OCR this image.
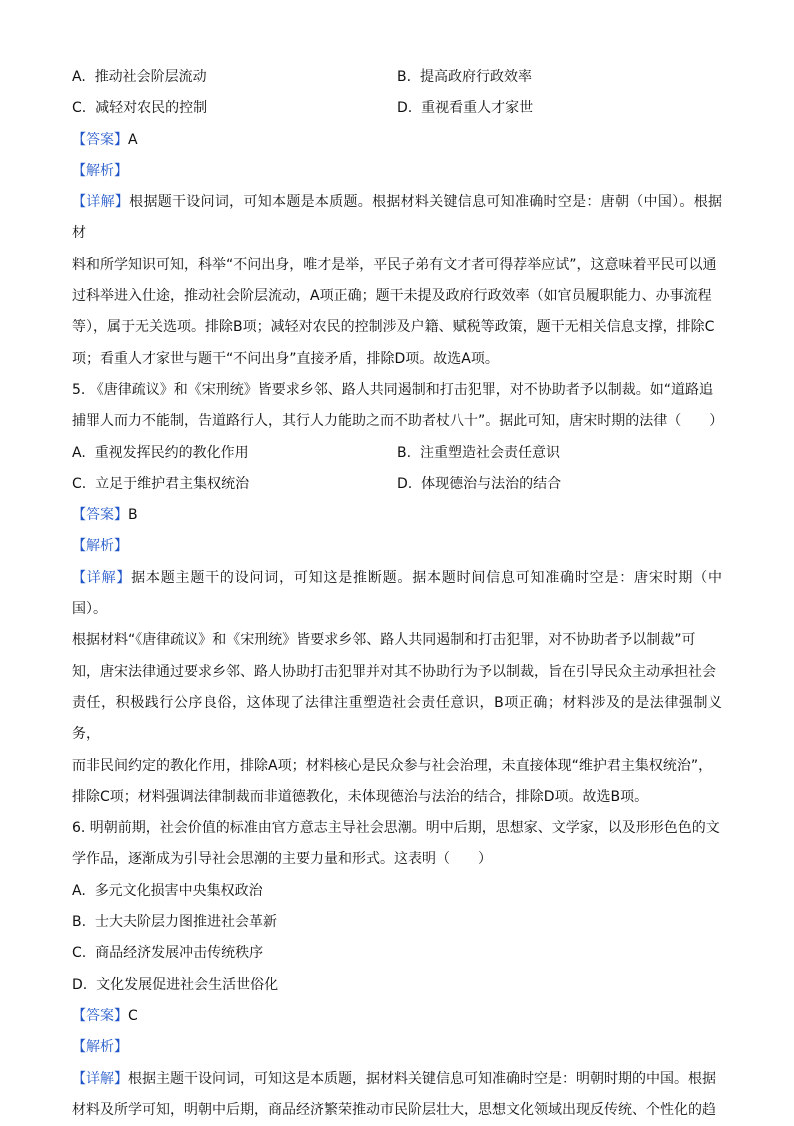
A. 推动社会阶层流动	B. 提高政府行政效率
C. 减轻对农民的控制	D. 重视看重人才家世
【答案】A
【解析】

【详解】根据题干设问词，可知本题是本质题。根据材料关键信息可知准确时空是：唐朝（中国）。根据材

料和所学知识可知，科举“不问出身，唯才是举，平民子弟有文才者可得荐举应试”，这意味着平民可以通

过科举进入仕途，推动社会阶层流动，A项正确；题干未提及政府行政效率（如官员履职能力、办事流程

等），属于无关选项。排除B项；减轻对农民的控制涉及户籍、赋税等政策，题干无相关信息支撑，排除C

项；看重人才家世与题干“不问出身”直接矛盾，排除D项。故选A项。

5. 《唐律疏议》和《宋刑统》皆要求乡邻、路人共同遏制和打击犯罪，对不协助者予以制裁。如“道路追

捕罪人而力不能制，告道路行人，其行人力能助之而不助者杖八十”。据此可知，唐宋时期的法律（　　）

A. 重视发挥民约的教化作用	B. 注重塑造社会责任意识
C. 立足于维护君主集权统治	D. 体现德治与法治的结合
【答案】B
【解析】

【详解】据本题主题干的设问词，可知这是推断题。据本题时间信息可知准确时空是：唐宋时期（中国）。

根据材料“《唐律疏议》和《宋刑统》皆要求乡邻、路人共同遏制和打击犯罪，对不协助者予以制裁”可

知，唐宋法律通过要求乡邻、路人协助打击犯罪并对其不协助行为予以制裁，旨在引导民众主动承担社会

责任，积极践行公序良俗，这体现了法律注重塑造社会责任意识，B项正确；材料涉及的是法律强制义务，

而非民间约定的教化作用，排除A项；材料核心是民众参与社会治理，未直接体现“维护君主集权统治”，

排除C项；材料强调法律制裁而非道德教化，未体现德治与法治的结合，排除D项。故选B项。

6. 明朝前期，社会价值的标准由官方意志主导社会思潮。明中后期，思想家、文学家，以及形形色色的文

学作品，逐渐成为引导社会思潮的主要力量和形式。这表明（　　）

A. 多元文化损害中央集权政治
B. 士大夫阶层力图推进社会革新
C. 商品经济发展冲击传统秩序
D. 文化发展促进社会生活世俗化
【答案】C
【解析】

【详解】根据主题干设问词，可知这是本质题，据材料关键信息可知准确时空是：明朝时期的中国。根据

材料及所学可知，明朝中后期，商品经济繁荣推动市民阶层壮大，思想文化领域出现反传统、个性化的趋
